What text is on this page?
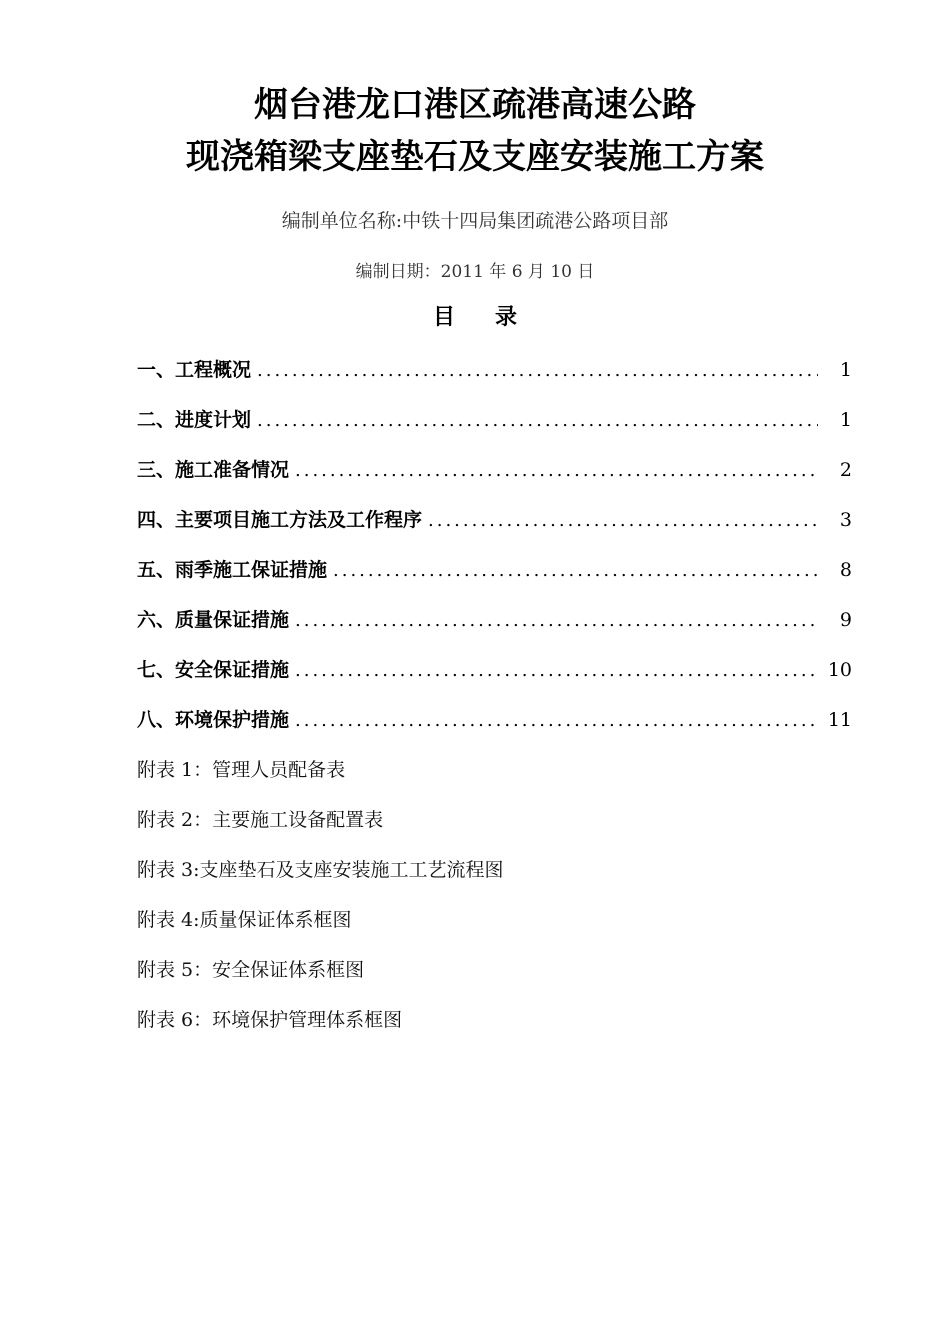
烟台港龙口港区疏港高速公路
现浇箱梁支座垫石及支座安装施工方案
编制单位名称:中铁十四局集团疏港公路项目部
编制日期：2011 年 6 月 10 日
目 录
一、工程概况 .....	1
二、进度计划 .....	1
三、施工准备情况 .....	2
四、主要项目施工方法及工作程序 .....	3
五、雨季施工保证措施 .....	8
六、质量保证措施 .....	9
七、安全保证措施 .....	10
八、环境保护措施 .....	11
附表 1：管理人员配备表
附表 2：主要施工设备配置表
附表 3:支座垫石及支座安装施工工艺流程图
附表 4:质量保证体系框图
附表 5：安全保证体系框图
附表 6：环境保护管理体系框图
